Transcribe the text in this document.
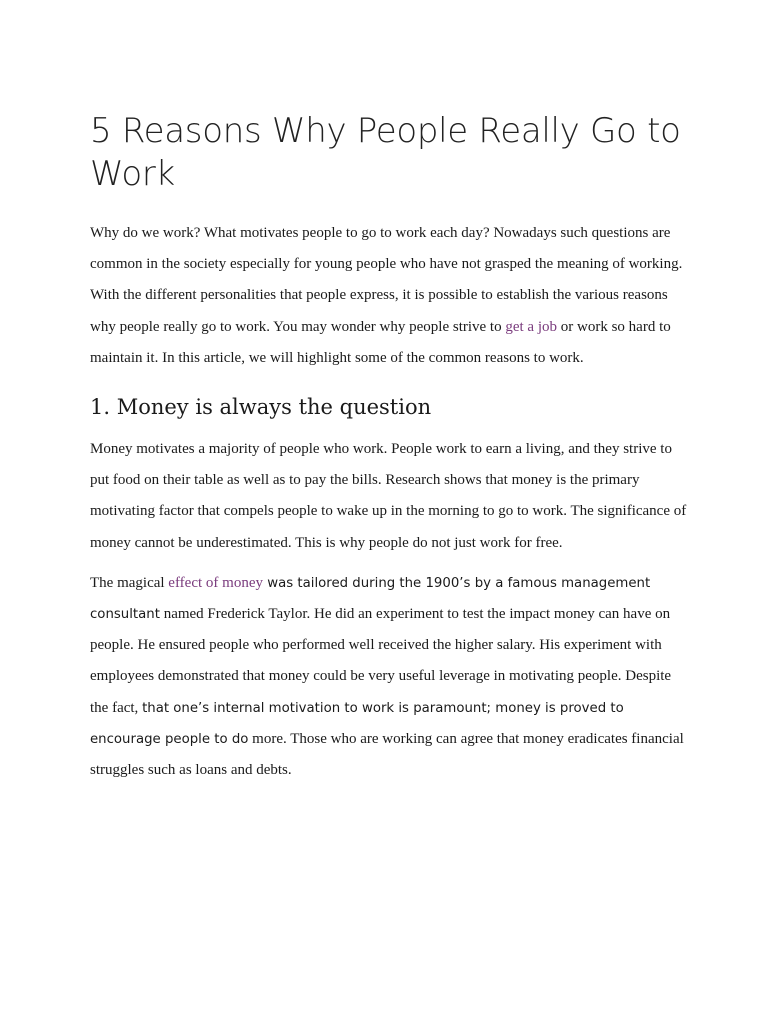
5 Reasons Why People Really Go to Work

Why do we work? What motivates people to go to work each day? Nowadays such questions are common in the society especially for young people who have not grasped the meaning of working. With the different personalities that people express, it is possible to establish the various reasons why people really go to work. You may wonder why people strive to get a job or work so hard to maintain it. In this article, we will highlight some of the common reasons to work.

1. Money is always the question

Money motivates a majority of people who work. People work to earn a living, and they strive to put food on their table as well as to pay the bills. Research shows that money is the primary motivating factor that compels people to wake up in the morning to go to work. The significance of money cannot be underestimated. This is why people do not just work for free.

The magical effect of money was tailored during the 1900’s by a famous management consultant named Frederick Taylor. He did an experiment to test the impact money can have on people. He ensured people who performed well received the higher salary. His experiment with employees demonstrated that money could be very useful leverage in motivating people. Despite the fact, that one’s internal motivation to work is paramount; money is proved to encourage people to do more. Those who are working can agree that money eradicates financial struggles such as loans and debts.
